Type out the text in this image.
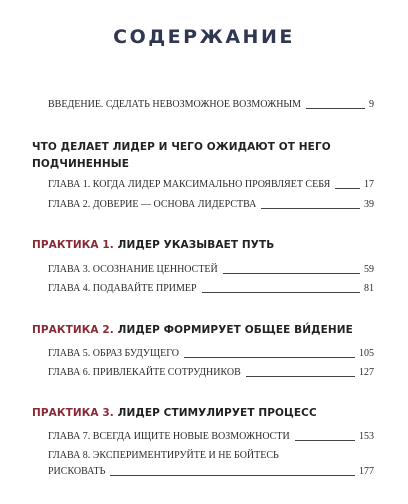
СОДЕРЖАНИЕ
ВВЕДЕНИЕ. СДЕЛАТЬ НЕВОЗМОЖНОЕ ВОЗМОЖНЫМ	9
ЧТО ДЕЛАЕТ ЛИДЕР И ЧЕГО ОЖИДАЮТ ОТ НЕГО
ПОДЧИНЕННЫЕ
ГЛАВА 1. КОГДА ЛИДЕР МАКСИМАЛЬНО ПРОЯВЛЯЕТ СЕБЯ	17
ГЛАВА 2. ДОВЕРИЕ — ОСНОВА ЛИДЕРСТВА	39
ПРАКТИКА 1. ЛИДЕР УКАЗЫВАЕТ ПУТЬ
ГЛАВА 3. ОСОЗНАНИЕ ЦЕННОСТЕЙ	59
ГЛАВА 4. ПОДАВАЙТЕ ПРИМЕР	81
ПРАКТИКА 2. ЛИДЕР ФОРМИРУЕТ ОБЩЕЕ ВИ́ДЕНИЕ
ГЛАВА 5. ОБРАЗ БУДУЩЕГО	105
ГЛАВА 6. ПРИВЛЕКАЙТЕ СОТРУДНИКОВ	127
ПРАКТИКА 3. ЛИДЕР СТИМУЛИРУЕТ ПРОЦЕСС
ГЛАВА 7. ВСЕГДА ИЩИТЕ НОВЫЕ ВОЗМОЖНОСТИ	153
ГЛАВА 8. ЭКСПЕРИМЕНТИРУЙТЕ И НЕ БОЙТЕСЬ
РИСКОВАТЬ	177
